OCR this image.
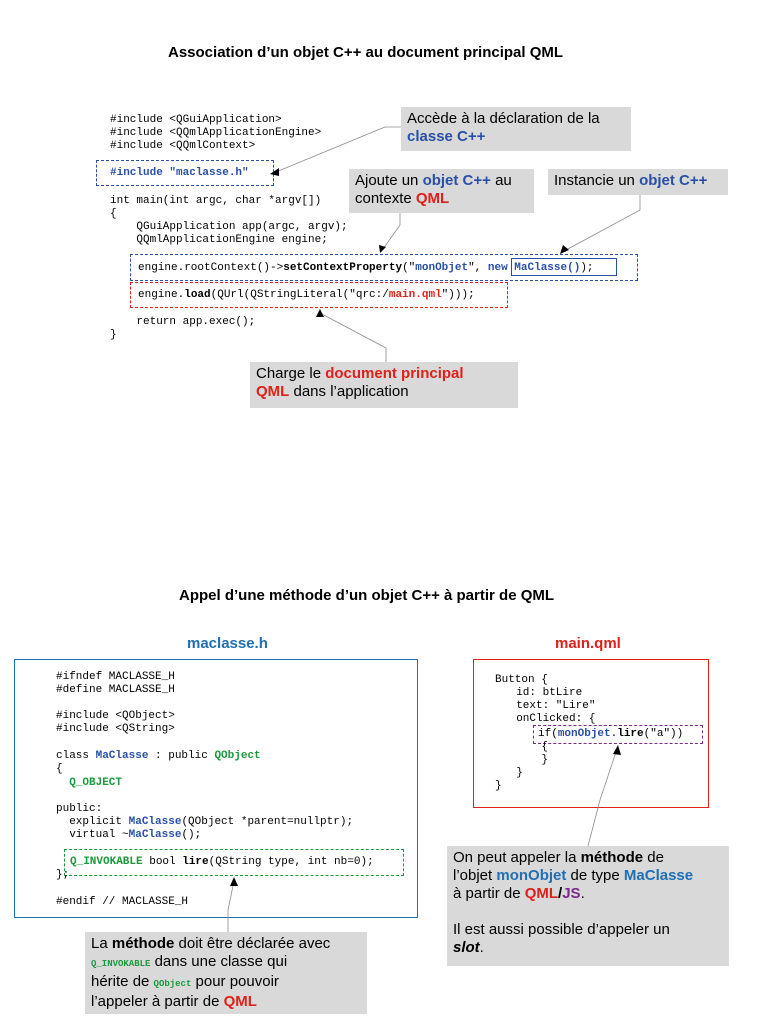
Association d’un objet C++ au document principal QML
#include <QGuiApplication>
#include <QQmlApplicationEngine>
#include <QQmlContext>
#include "maclasse.h"
int main(int argc, char *argv[])
{
QGuiApplication app(argc, argv);
QQmlApplicationEngine engine;
engine.rootContext()->setContextProperty("monObjet", new MaClasse());
engine.load(QUrl(QStringLiteral("qrc:/main.qml")));
return app.exec();
}
Accède à la déclaration de la
classe C++
Ajoute un objet C++ au
contexte QML
Instancie un objet C++
Charge le document principal
QML dans l’application
Appel d’une méthode d’un objet C++ à partir de QML
maclasse.h	main.qml
#ifndef MACLASSE_H
#define MACLASSE_H
#include <QObject>
#include <QString>
class MaClasse : public QObject
{
Q_OBJECT
public:
explicit MaClasse(QObject *parent=nullptr);
virtual ~MaClasse();
Q_INVOKABLE bool lire(QString type, int nb=0);
};
#endif // MACLASSE_H
Button {
id: btLire
text: "Lire"
onClicked: {
if(monObjet.lire("a"))
{
}
}
}
On peut appeler la méthode de
l’objet monObjet de type MaClasse
à partir de QML/JS.
Il est aussi possible d’appeler un
slot.
La méthode doit être déclarée avec
Q_INVOKABLE dans une classe qui
hérite de QObject pour pouvoir
l’appeler à partir de QML
